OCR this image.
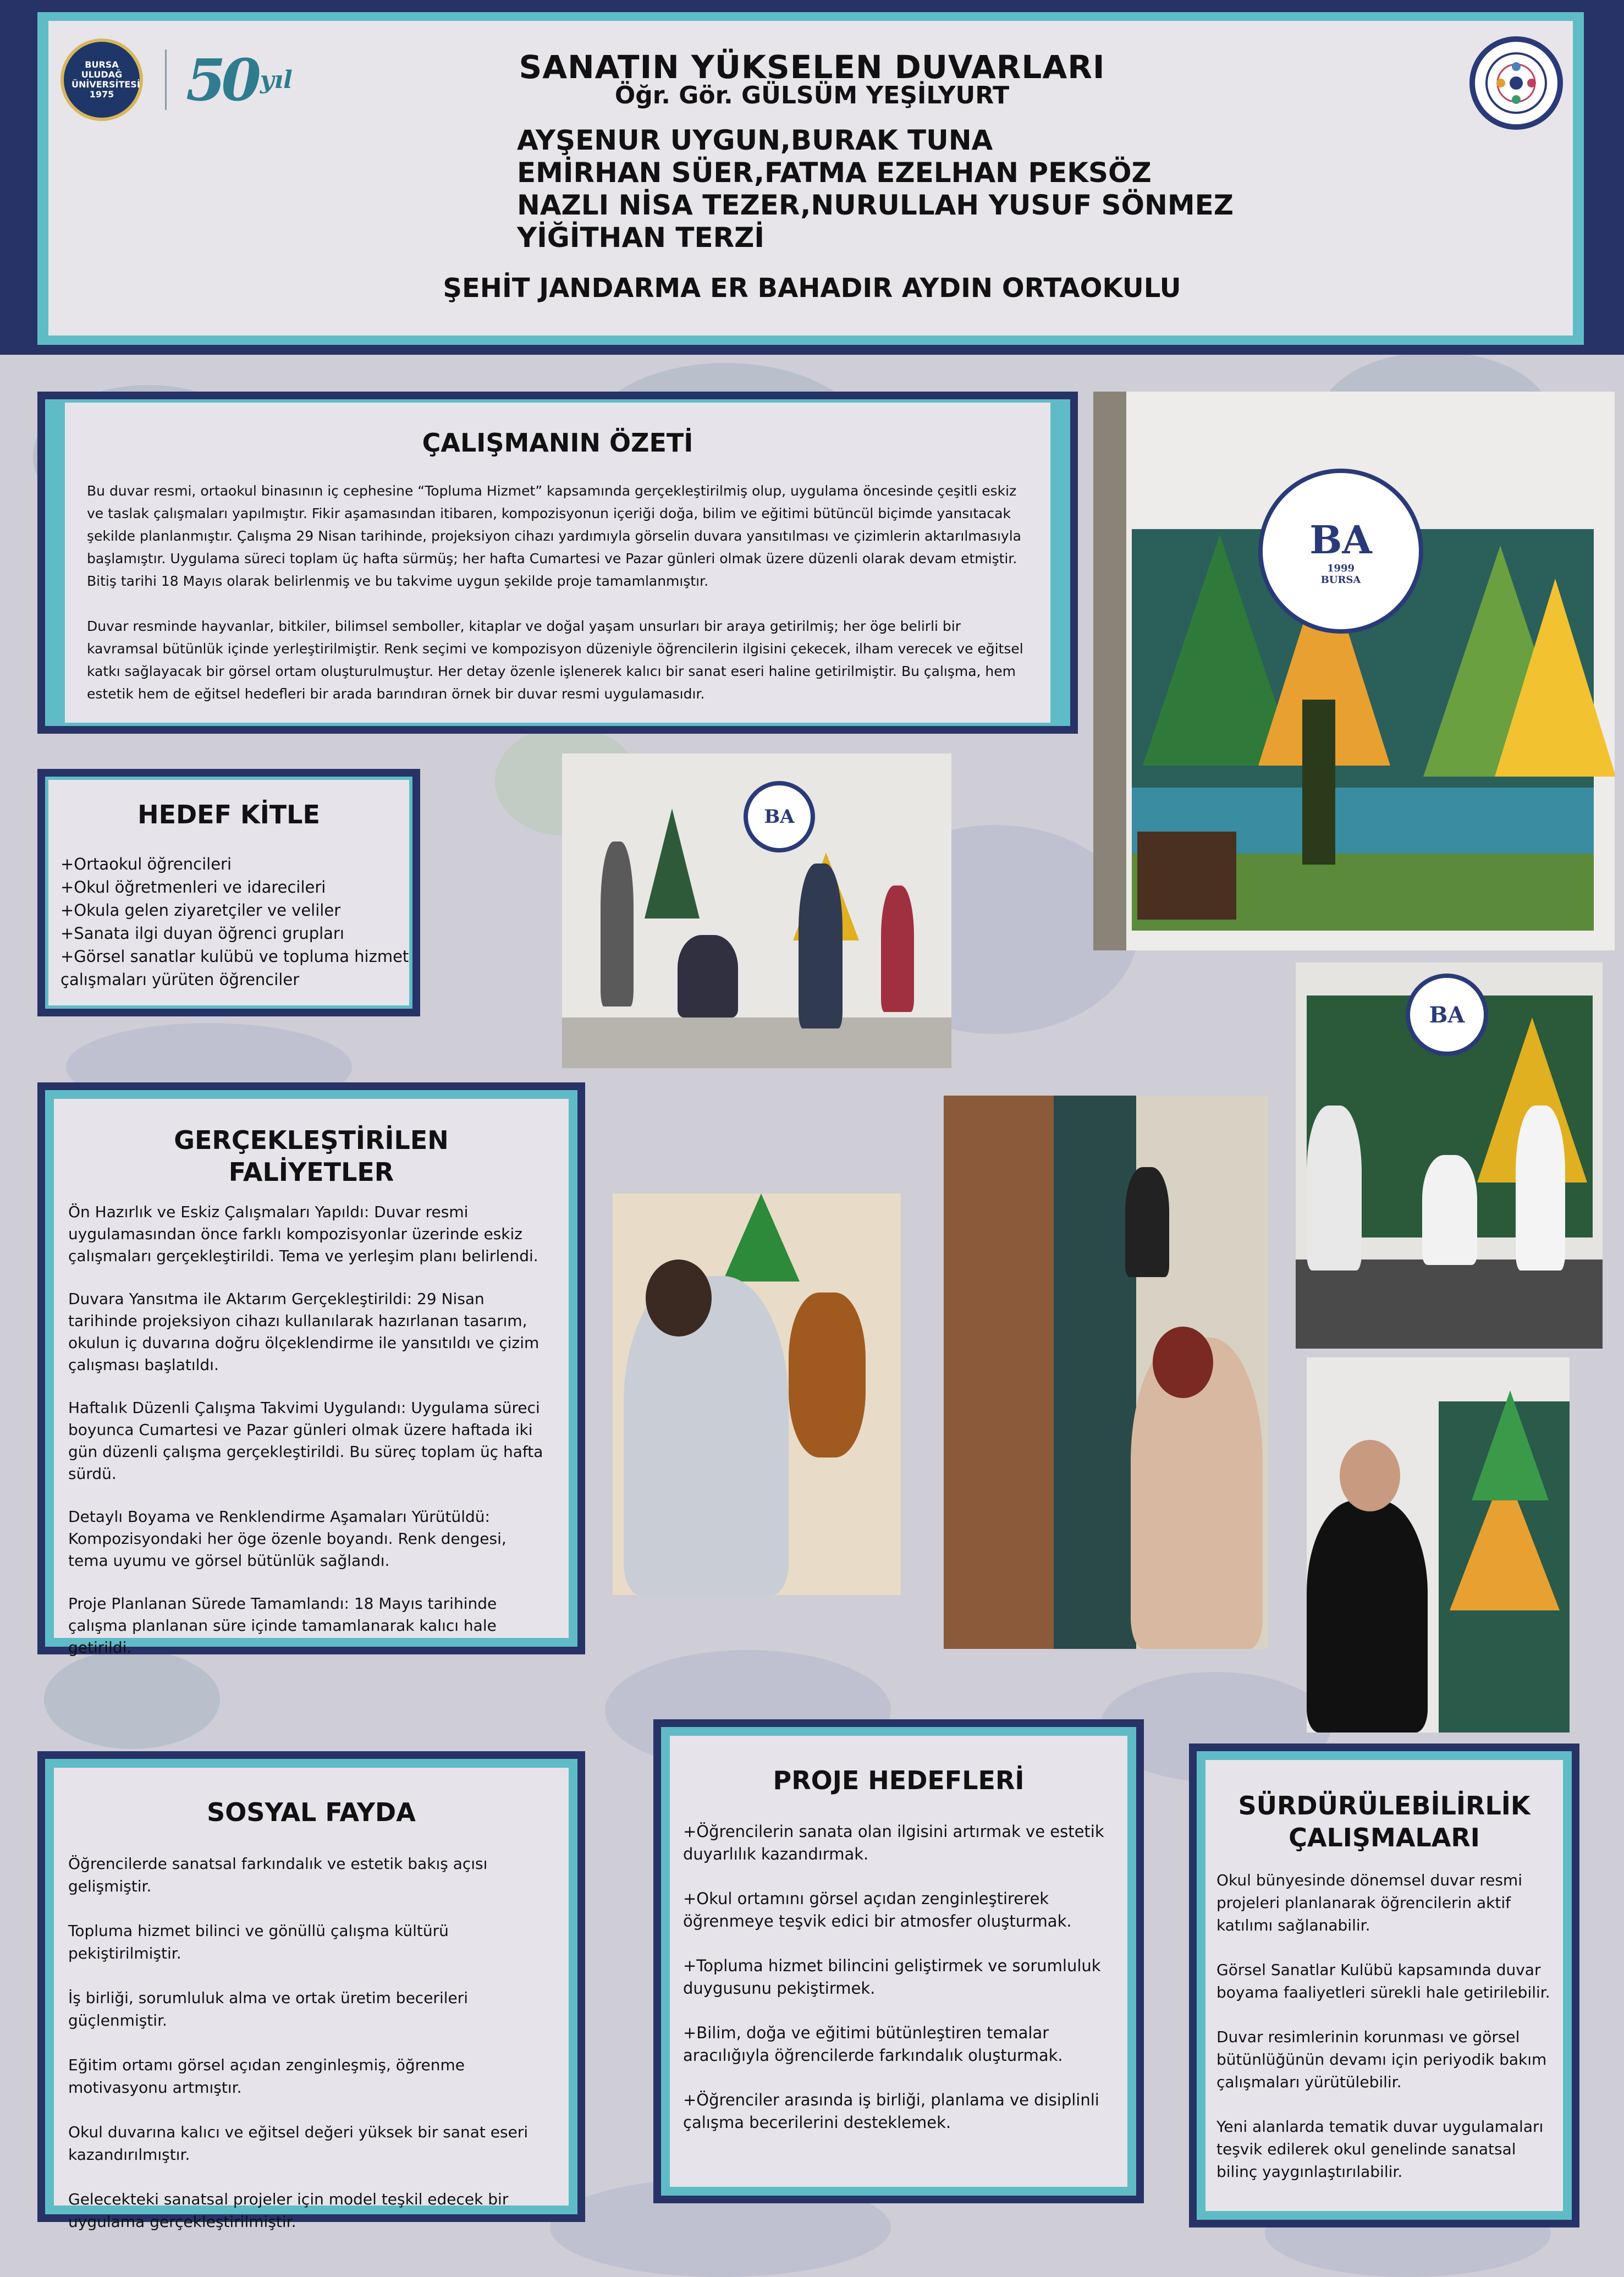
BURSA ULUDAĞ ÜNİVERSİTESİ 1975	50 yıl	SANATIN YÜKSELEN DUVARLARI
Öğr. Gör. GÜLSÜM YEŞİLYURT
AYŞENUR UYGUN,BURAK TUNA
EMİRHAN SÜER,FATMA EZELHAN PEKSÖZ
NAZLI NİSA TEZER,NURULLAH YUSUF SÖNMEZ
YİĞİTHAN TERZİ
ŞEHİT JANDARMA ER BAHADIR AYDIN ORTAOKULU
ÇALIŞMANIN ÖZETİ

Bu duvar resmi, ortaokul binasının iç cephesine “Topluma Hizmet” kapsamında gerçekleştirilmiş olup, uygulama öncesinde çeşitli eskiz ve taslak çalışmaları yapılmıştır. Fikir aşamasından itibaren, kompozisyonun içeriği doğa, bilim ve eğitimi bütüncül biçimde yansıtacak şekilde planlanmıştır. Çalışma 29 Nisan tarihinde, projeksiyon cihazı yardımıyla görselin duvara yansıtılması ve çizimlerin aktarılmasıyla başlamıştır. Uygulama süreci toplam üç hafta sürmüş; her hafta Cumartesi ve Pazar günleri olmak üzere düzenli olarak devam etmiştir. Bitiş tarihi 18 Mayıs olarak belirlenmiş ve bu takvime uygun şekilde proje tamamlanmıştır.

Duvar resminde hayvanlar, bitkiler, bilimsel semboller, kitaplar ve doğal yaşam unsurları bir araya getirilmiş; her öge belirli bir kavramsal bütünlük içinde yerleştirilmiştir. Renk seçimi ve kompozisyon düzeniyle öğrencilerin ilgisini çekecek, ilham verecek ve eğitsel katkı sağlayacak bir görsel ortam oluşturulmuştur. Her detay özenle işlenerek kalıcı bir sanat eseri haline getirilmiştir. Bu çalışma, hem estetik hem de eğitsel hedefleri bir arada barındıran örnek bir duvar resmi uygulamasıdır.

HEDEF KİTLE
+Ortaokul öğrencileri
+Okul öğretmenleri ve idarecileri
+Okula gelen ziyaretçiler ve veliler
+Sanata ilgi duyan öğrenci grupları
+Görsel sanatlar kulübü ve topluma hizmet
çalışmaları yürüten öğrenciler
GERÇEKLEŞTİRİLEN
FALİYETLER

Ön Hazırlık ve Eskiz Çalışmaları Yapıldı: Duvar resmi uygulamasından önce farklı kompozisyonlar üzerinde eskiz çalışmaları gerçekleştirildi. Tema ve yerleşim planı belirlendi.

Duvara Yansıtma ile Aktarım Gerçekleştirildi: 29 Nisan tarihinde projeksiyon cihazı kullanılarak hazırlanan tasarım, okulun iç duvarına doğru ölçeklendirme ile yansıtıldı ve çizim çalışması başlatıldı.

Haftalık Düzenli Çalışma Takvimi Uygulandı: Uygulama süreci boyunca Cumartesi ve Pazar günleri olmak üzere haftada iki gün düzenli çalışma gerçekleştirildi. Bu süreç toplam üç hafta sürdü.

Detaylı Boyama ve Renklendirme Aşamaları Yürütüldü: Kompozisyondaki her öge özenle boyandı. Renk dengesi, tema uyumu ve görsel bütünlük sağlandı.

Proje Planlanan Sürede Tamamlandı: 18 Mayıs tarihinde çalışma planlanan süre içinde tamamlanarak kalıcı hale getirildi.

SOSYAL FAYDA

Öğrencilerde sanatsal farkındalık ve estetik bakış açısı gelişmiştir.

Topluma hizmet bilinci ve gönüllü çalışma kültürü pekiştirilmiştir.

İş birliği, sorumluluk alma ve ortak üretim becerileri güçlenmiştir.

Eğitim ortamı görsel açıdan zenginleşmiş, öğrenme motivasyonu artmıştır.

Okul duvarına kalıcı ve eğitsel değeri yüksek bir sanat eseri kazandırılmıştır.

Gelecekteki sanatsal projeler için model teşkil edecek bir uygulama gerçekleştirilmiştir.

PROJE HEDEFLERİ

+Öğrencilerin sanata olan ilgisini artırmak ve estetik duyarlılık kazandırmak.

+Okul ortamını görsel açıdan zenginleştirerek öğrenmeye teşvik edici bir atmosfer oluşturmak.

+Topluma hizmet bilincini geliştirmek ve sorumluluk duygusunu pekiştirmek.

+Bilim, doğa ve eğitimi bütünleştiren temalar aracılığıyla öğrencilerde farkındalık oluşturmak.

+Öğrenciler arasında iş birliği, planlama ve disiplinli çalışma becerilerini desteklemek.

SÜRDÜRÜLEBİLİRLİK
ÇALIŞMALARI

Okul bünyesinde dönemsel duvar resmi projeleri planlanarak öğrencilerin aktif katılımı sağlanabilir.

Görsel Sanatlar Kulübü kapsamında duvar boyama faaliyetleri sürekli hale getirilebilir.

Duvar resimlerinin korunması ve görsel bütünlüğünün devamı için periyodik bakım çalışmaları yürütülebilir.

Yeni alanlarda tematik duvar uygulamaları teşvik edilerek okul genelinde sanatsal bilinç yaygınlaştırılabilir.

BA
1999
BURSA
BA
BA
